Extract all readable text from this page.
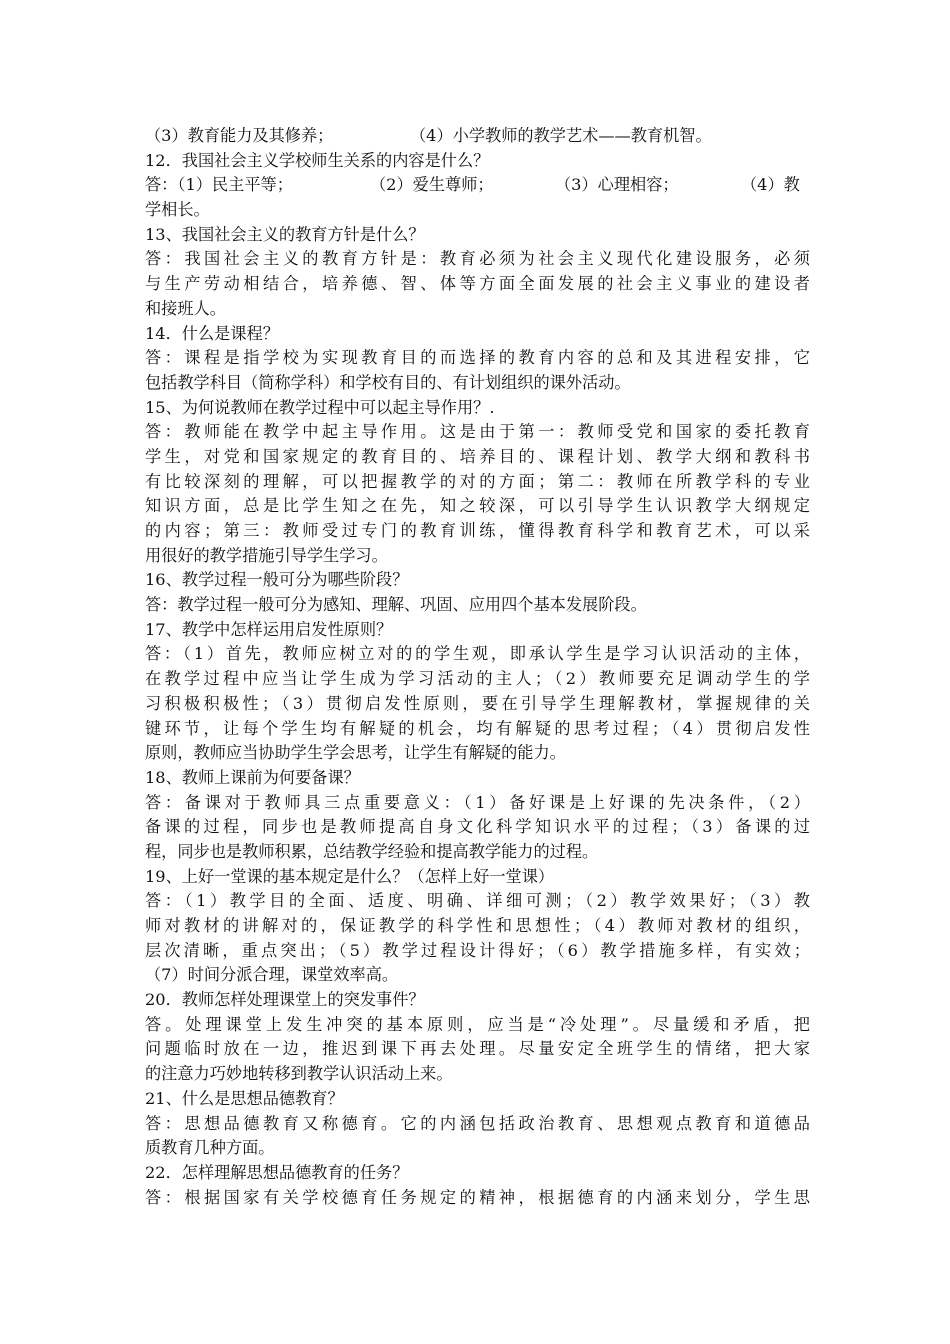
（3）教育能力及其修养；	（4）小学教师的教学艺术——教育机智。
12．我国社会主义学校师生关系的内容是什么？
答：（1）民主平等；	（2）爱生尊师；	（3）心理相容；	（4）教
学相长。
13、我国社会主义的教育方针是什么？
答：我国社会主义的教育方针是：教育必须为社会主义现代化建设服务，必须
与生产劳动相结合，培养德、智、体等方面全面发展的社会主义事业的建设者
和接班人。
14．什么是课程？
答：课程是指学校为实现教育目的而选择的教育内容的总和及其进程安排，它
包括教学科目（简称学科）和学校有目的、有计划组织的课外活动。
15、为何说教师在教学过程中可以起主导作用？.
答：教师能在教学中起主导作用。这是由于第一：教师受党和国家的委托教育
学生，对党和国家规定的教育目的、培养目的、课程计划、教学大纲和教科书
有比较深刻的理解，可以把握教学的对的方面；第二：教师在所教学科的专业
知识方面，总是比学生知之在先，知之较深，可以引导学生认识教学大纲规定
的内容；第三：教师受过专门的教育训练，懂得教育科学和教育艺术，可以采
用很好的教学措施引导学生学习。
16、教学过程一般可分为哪些阶段？
答：教学过程一般可分为感知、理解、巩固、应用四个基本发展阶段。
17、教学中怎样运用启发性原则？
答：（1）首先，教师应树立对的的学生观，即承认学生是学习认识活动的主体，
在教学过程中应当让学生成为学习活动的主人；（2）教师要充足调动学生的学
习积极积极性；（3）贯彻启发性原则，要在引导学生理解教材，掌握规律的关
键环节，让每个学生均有解疑的机会，均有解疑的思考过程；（4）贯彻启发性
原则，教师应当协助学生学会思考，让学生有解疑的能力。
18、教师上课前为何要备课？
答：备课对于教师具三点重要意义：（1）备好课是上好课的先决条件，（2）
备课的过程，同步也是教师提高自身文化科学知识水平的过程；（3）备课的过
程，同步也是教师积累，总结教学经验和提高教学能力的过程。
19、上好一堂课的基本规定是什么？（怎样上好一堂课）
答：（1）教学目的全面、适度、明确、详细可测；（2）教学效果好；（3）教
师对教材的讲解对的，保证教学的科学性和思想性；（4）教师对教材的组织，
层次清晰，重点突出；（5）教学过程设计得好；（6）教学措施多样，有实效；
（7）时间分派合理，课堂效率高。
20．教师怎样处理课堂上的突发事件？
答。处理课堂上发生冲突的基本原则，应当是“冷处理”。尽量缓和矛盾，把
问题临时放在一边，推迟到课下再去处理。尽量安定全班学生的情绪，把大家
的注意力巧妙地转移到教学认识活动上来。
21、什么是思想品德教育？
答：思想品德教育又称德育。它的内涵包括政治教育、思想观点教育和道德品
质教育几种方面。
22．怎样理解思想品德教育的任务？
答：根据国家有关学校德育任务规定的精神，根据德育的内涵来划分，学生思
